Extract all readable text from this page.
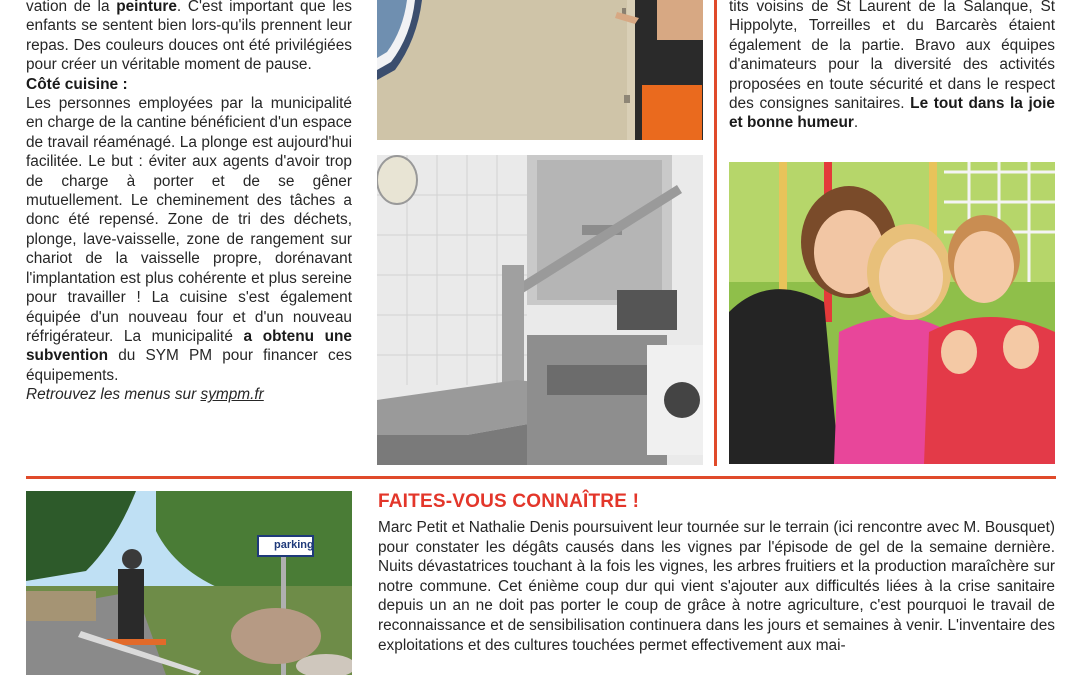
vation de la peinture. C'est important que les enfants se sentent bien lors-qu'ils prennent leur repas. Des couleurs douces ont été privilégiées pour créer un véritable moment de pause.

Côté cuisine :

Les personnes employées par la municipalité en charge de la cantine bénéficient d'un espace de travail réaménagé. La plonge est aujourd'hui facilitée. Le but : éviter aux agents d'avoir trop de charge à porter et de se gêner mutuellement. Le cheminement des tâches a donc été repensé. Zone de tri des déchets, plonge, lave-vaisselle, zone de rangement sur chariot de la vaisselle propre, dorénavant l'implantation est plus cohérente et plus sereine pour travailler ! La cuisine s'est également équipée d'un nouveau four et d'un nouveau réfrigérateur. La municipalité a obtenu une subvention du SYM PM pour financer ces équipements.

Retrouvez les menus sur sympm.fr

tits voisins de St Laurent de la Salanque, St Hippolyte, Torreilles et du Barcarès étaient également de la partie. Bravo aux équipes d'animateurs pour la diversité des activités proposées en toute sécurité et dans le respect des consignes sanitaires. Le tout dans la joie et bonne humeur.

parking
FAITES-VOUS CONNAÎTRE !
Marc Petit et Nathalie Denis poursuivent leur tournée sur le terrain (ici rencontre avec M. Bousquet) pour constater les dégâts causés dans les vignes par l'épisode de gel de la semaine dernière. Nuits dévastatrices touchant à la fois les vignes, les arbres fruitiers et la production maraîchère sur notre commune. Cet énième coup dur qui vient s'ajouter aux difficultés liées à la crise sanitaire depuis un an ne doit pas porter le coup de grâce à notre agriculture, c'est pourquoi le travail de reconnaissance et de sensibilisation continuera dans les jours et semaines à venir. L'inventaire des exploitations et des cultures touchées permet effectivement aux mai-
